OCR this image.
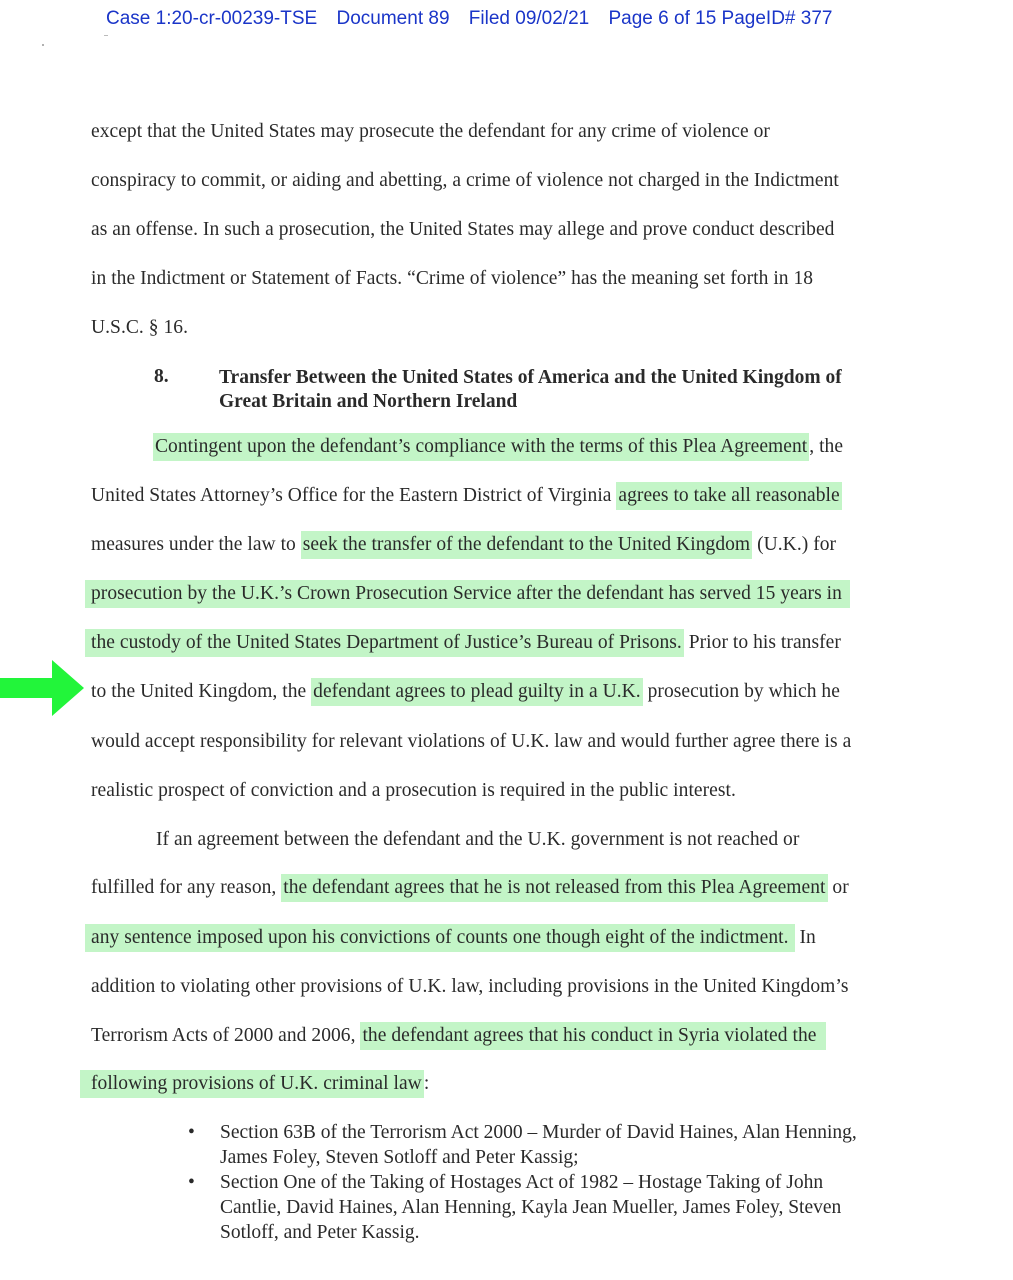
Case 1:20-cr-00239-TSE Document 89 Filed 09/02/21 Page 6 of 15 PageID# 377
except that the United States may prosecute the defendant for any crime of violence or
conspiracy to commit, or aiding and abetting, a crime of violence not charged in the Indictment
as an offense. In such a prosecution, the United States may allege and prove conduct described
in the Indictment or Statement of Facts. “Crime of violence” has the meaning set forth in 18
U.S.C. § 16.
8.	Transfer Between the United States of America and the United Kingdom of
Great Britain and Northern Ireland
Contingent upon the defendant’s compliance with the terms of this Plea Agreement , the
United States Attorney’s Office for the Eastern District of Virginia agrees to take all reasonable
measures under the law to seek the transfer of the defendant to the United Kingdom (U.K.) for
prosecution by the U.K.’s Crown Prosecution Service after the defendant has served 15 years in
the custody of the United States Department of Justice’s Bureau of Prisons. Prior to his transfer
to the United Kingdom, the defendant agrees to plead guilty in a U.K. prosecution by which he
would accept responsibility for relevant violations of U.K. law and would further agree there is a
realistic prospect of conviction and a prosecution is required in the public interest.
If an agreement between the defendant and the U.K. government is not reached or
fulfilled for any reason, the defendant agrees that he is not released from this Plea Agreement or
any sentence imposed upon his convictions of counts one though eight of the indictment. In
addition to violating other provisions of U.K. law, including provisions in the United Kingdom’s
Terrorism Acts of 2000 and 2006, the defendant agrees that his conduct in Syria violated the
following provisions of U.K. criminal law :
• Section 63B of the Terrorism Act 2000 – Murder of David Haines, Alan Henning,
James Foley, Steven Sotloff and Peter Kassig;
• Section One of the Taking of Hostages Act of 1982 – Hostage Taking of John
Cantlie, David Haines, Alan Henning, Kayla Jean Mueller, James Foley, Steven
Sotloff, and Peter Kassig.
